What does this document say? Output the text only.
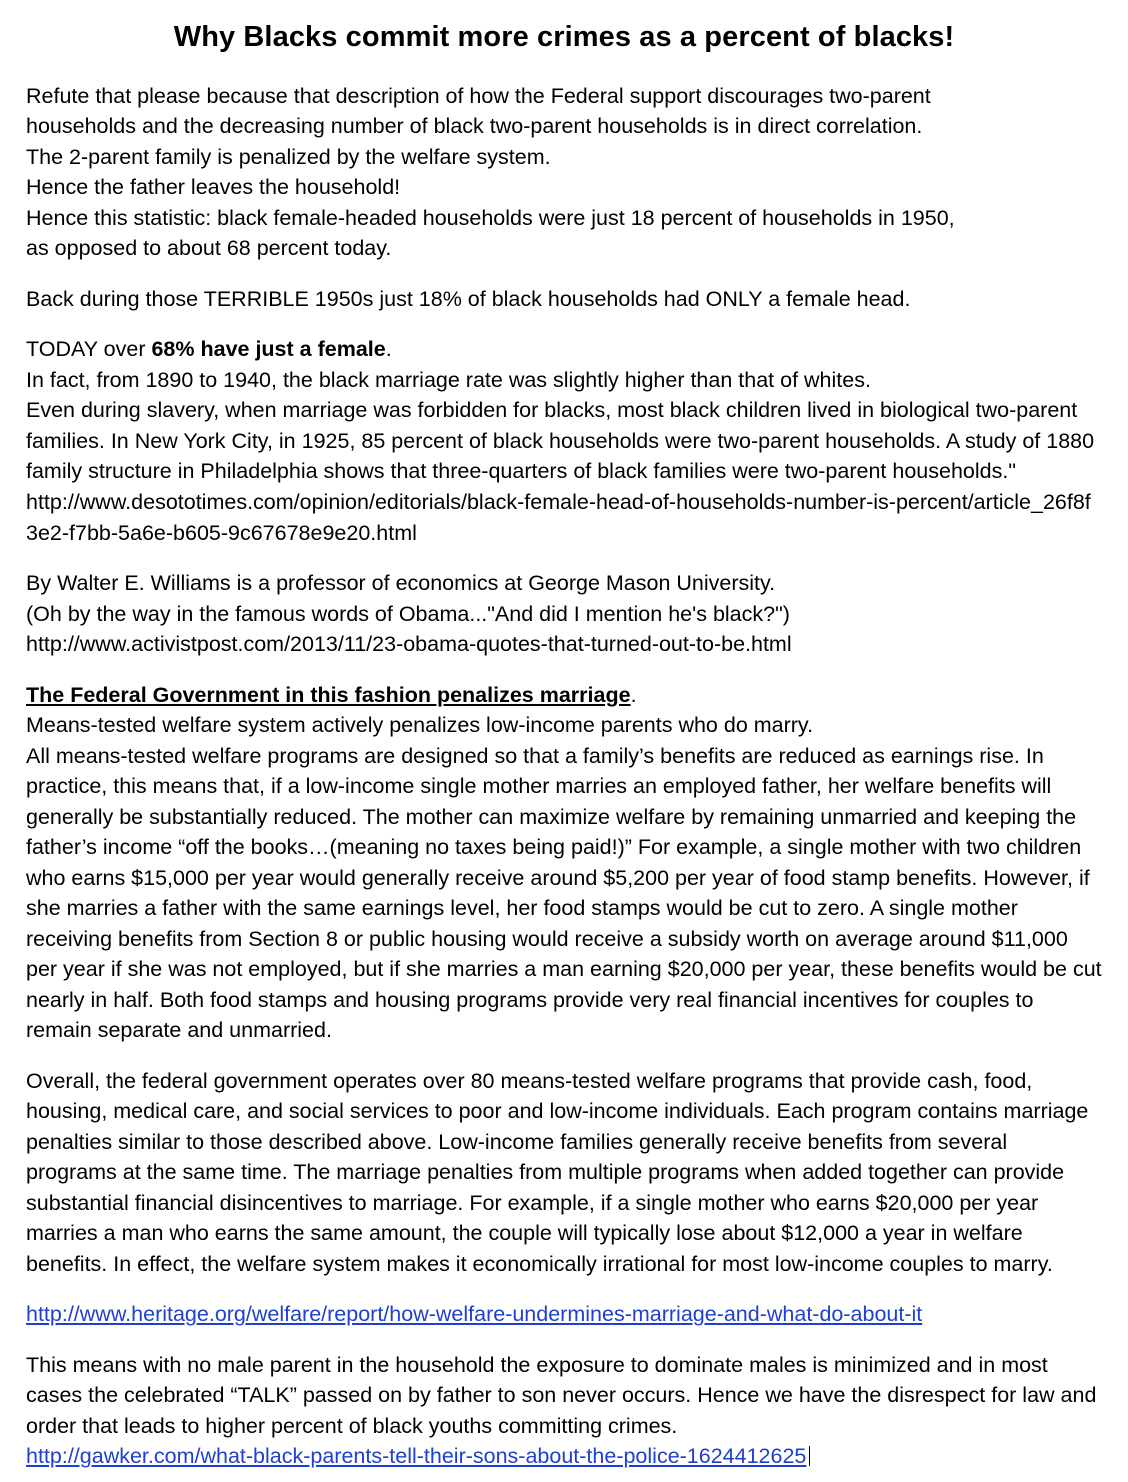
Why Blacks commit more crimes as a percent of blacks!
Refute that please because that description of how the Federal support discourages two-parent
households and the decreasing number of black two-parent households is in direct correlation.
The 2-parent family is penalized by the welfare system.
Hence the father leaves the household!
Hence this statistic: black female-headed households were just 18 percent of households in 1950,
as opposed to about 68 percent today.
Back during those TERRIBLE 1950s just 18% of black households had ONLY a female head.
TODAY over 68% have just a female.
In fact, from 1890 to 1940, the black marriage rate was slightly higher than that of whites.
Even during slavery, when marriage was forbidden for blacks, most black children lived in biological two-parent families. In New York City, in 1925, 85 percent of black households were two-parent households. A study of 1880 family structure in Philadelphia shows that three-quarters of black families were two-parent households."
http://www.desototimes.com/opinion/editorials/black-female-head-of-households-number-is-percent/article_26f8f3e2-f7bb-5a6e-b605-9c67678e9e20.html
By Walter E. Williams is a professor of economics at George Mason University.
(Oh by the way in the famous words of Obama..."And did I mention he's black?")
http://www.activistpost.com/2013/11/23-obama-quotes-that-turned-out-to-be.html
The Federal Government in this fashion penalizes marriage.
Means-tested welfare system actively penalizes low-income parents who do marry.
All means-tested welfare programs are designed so that a family’s benefits are reduced as earnings rise. In practice, this means that, if a low-income single mother marries an employed father, her welfare benefits will generally be substantially reduced. The mother can maximize welfare by remaining unmarried and keeping the father’s income “off the books…(meaning no taxes being paid!)” For example, a single mother with two children who earns $15,000 per year would generally receive around $5,200 per year of food stamp benefits. However, if she marries a father with the same earnings level, her food stamps would be cut to zero. A single mother receiving benefits from Section 8 or public housing would receive a subsidy worth on average around $11,000 per year if she was not employed, but if she marries a man earning $20,000 per year, these benefits would be cut nearly in half. Both food stamps and housing programs provide very real financial incentives for couples to remain separate and unmarried.
Overall, the federal government operates over 80 means-tested welfare programs that provide cash, food, housing, medical care, and social services to poor and low-income individuals. Each program contains marriage penalties similar to those described above. Low-income families generally receive benefits from several programs at the same time. The marriage penalties from multiple programs when added together can provide substantial financial disincentives to marriage. For example, if a single mother who earns $20,000 per year marries a man who earns the same amount, the couple will typically lose about $12,000 a year in welfare benefits. In effect, the welfare system makes it economically irrational for most low-income couples to marry.
http://www.heritage.org/welfare/report/how-welfare-undermines-marriage-and-what-do-about-it
This means with no male parent in the household the exposure to dominate males is minimized and in most cases the celebrated “TALK” passed on by father to son never occurs. Hence we have the disrespect for law and order that leads to higher percent of black youths committing crimes.
http://gawker.com/what-black-parents-tell-their-sons-about-the-police-1624412625
